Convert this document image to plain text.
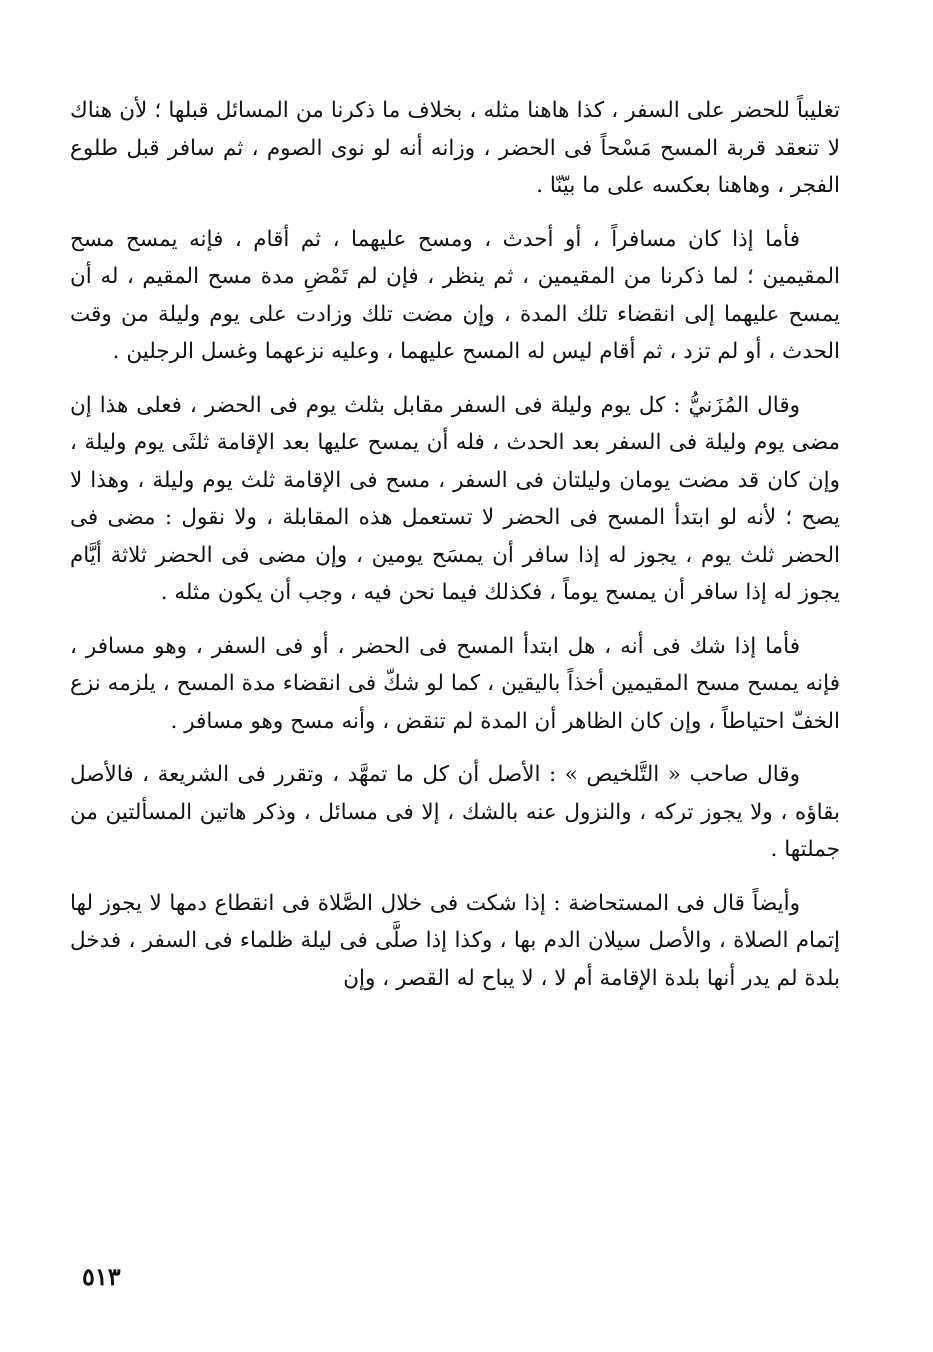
تغليباً للحضر على السفر ، كذا هاهنا مثله ، بخلاف ما ذكرنا من المسائل قبلها ؛ لأن هناك لا تنعقد قربة المسح مَسْحاً فى الحضر ، وزانه أنه لو نوى الصوم ، ثم سافر قبل طلوع الفجر ، وهاهنا بعكسه على ما بيّنّا .

فأما إذا كان مسافراً ، أو أحدث ، ومسح عليهما ، ثم أقام ، فإنه يمسح مسح المقيمين ؛ لما ذكرنا من المقيمين ، ثم ينظر ، فإن لم تَمْضِ مدة مسح المقيم ، له أن يمسح عليهما إلى انقضاء تلك المدة ، وإن مضت تلك وزادت على يوم وليلة من وقت الحدث ، أو لم تزد ، ثم أقام ليس له المسح عليهما ، وعليه نزعهما وغسل الرجلين .

وقال المُزَنيُّ : كل يوم وليلة فى السفر مقابل بثلث يوم فى الحضر ، فعلى هذا إن مضى يوم وليلة فى السفر بعد الحدث ، فله أن يمسح عليها بعد الإقامة ثلثَى يوم وليلة ، وإن كان قد مضت يومان وليلتان فى السفر ، مسح فى الإقامة ثلث يوم وليلة ، وهذا لا يصح ؛ لأنه لو ابتدأ المسح فى الحضر لا تستعمل هذه المقابلة ، ولا نقول : مضى فى الحضر ثلث يوم ، يجوز له إذا سافر أن يمسَح يومين ، وإن مضى فى الحضر ثلاثة أيَّام يجوز له إذا سافر أن يمسح يوماً ، فكذلك فيما نحن فيه ، وجب أن يكون مثله .

فأما إذا شك فى أنه ، هل ابتدأ المسح فى الحضر ، أو فى السفر ، وهو مسافر ، فإنه يمسح مسح المقيمين أخذاً باليقين ، كما لو شكّ فى انقضاء مدة المسح ، يلزمه نزع الخفّ احتياطاً ، وإن كان الظاهر أن المدة لم تنقض ، وأنه مسح وهو مسافر .

وقال صاحب « التَّلخيص » : الأصل أن كل ما تمهَّد ، وتقرر فى الشريعة ، فالأصل بقاؤه ، ولا يجوز تركه ، والنزول عنه بالشك ، إلا فى مسائل ، وذكر هاتين المسألتين من جملتها .

وأيضاً قال فى المستحاضة : إذا شكت فى خلال الصَّلاة فى انقطاع دمها لا يجوز لها إتمام الصلاة ، والأصل سيلان الدم بها ، وكذا إذا صلَّى فى ليلة ظلماء فى السفر ، فدخل بلدة لم يدر أنها بلدة الإقامة أم لا ، لا يباح له القصر ، وإن

٥١٣
